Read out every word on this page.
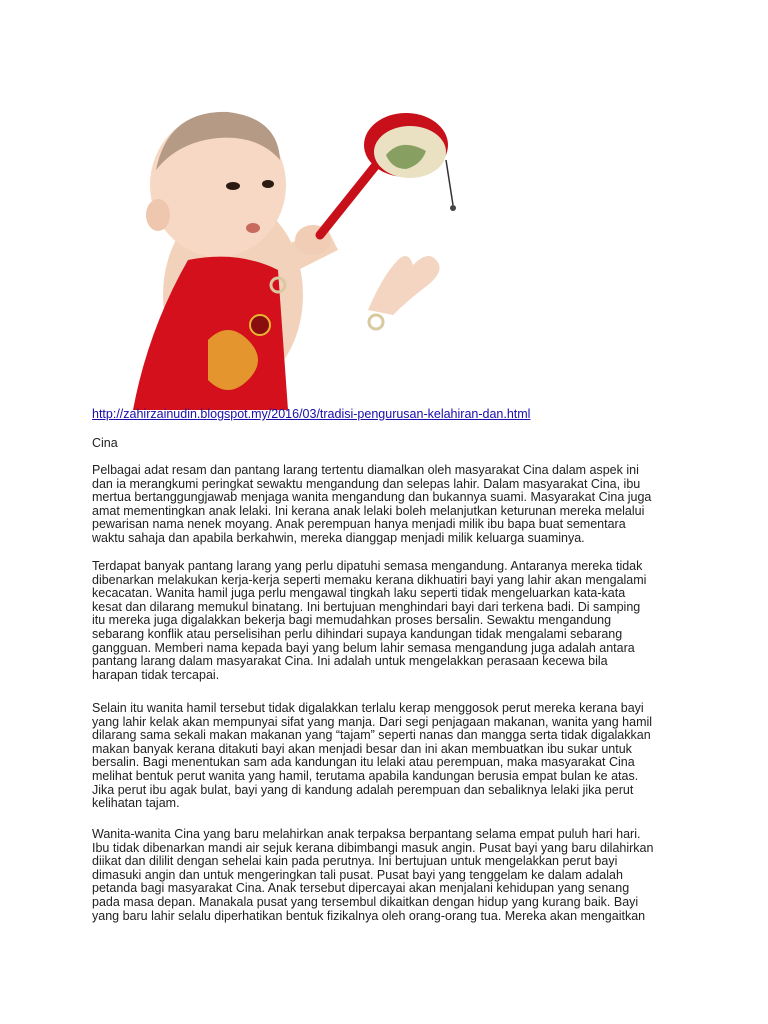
http://zahirzainudin.blogspot.my/2016/03/tradisi-pengurusan-kelahiran-dan.html
Cina
Pelbagai adat resam dan pantang larang tertentu diamalkan oleh masyarakat Cina dalam aspek ini
dan ia merangkumi peringkat sewaktu mengandung dan selepas lahir. Dalam masyarakat Cina, ibu
mertua bertanggungjawab menjaga wanita mengandung dan bukannya suami. Masyarakat Cina juga
amat mementingkan anak lelaki. Ini kerana anak lelaki boleh melanjutkan keturunan mereka melalui
pewarisan nama nenek moyang. Anak perempuan hanya menjadi milik ibu bapa buat sementara
waktu sahaja dan apabila berkahwin, mereka dianggap menjadi milik keluarga suaminya.
Terdapat banyak pantang larang yang perlu dipatuhi semasa mengandung. Antaranya mereka tidak
dibenarkan melakukan kerja-kerja seperti memaku kerana dikhuatiri bayi yang lahir akan mengalami
kecacatan. Wanita hamil juga perlu mengawal tingkah laku seperti tidak mengeluarkan kata-kata
kesat dan dilarang memukul binatang. Ini bertujuan menghindari bayi dari terkena badi. Di samping
itu mereka juga digalakkan bekerja bagi memudahkan proses bersalin. Sewaktu mengandung
sebarang konflik atau perselisihan perlu dihindari supaya kandungan tidak mengalami sebarang
gangguan. Memberi nama kepada bayi yang belum lahir semasa mengandung juga adalah antara
pantang larang dalam masyarakat Cina. Ini adalah untuk mengelakkan perasaan kecewa bila
harapan tidak tercapai.
Selain itu wanita hamil tersebut tidak digalakkan terlalu kerap menggosok perut mereka kerana bayi
yang lahir kelak akan mempunyai sifat yang manja. Dari segi penjagaan makanan, wanita yang hamil
dilarang sama sekali makan makanan yang “tajam” seperti nanas dan mangga serta tidak digalakkan
makan banyak kerana ditakuti bayi akan menjadi besar dan ini akan membuatkan ibu sukar untuk
bersalin. Bagi menentukan sam ada kandungan itu lelaki atau perempuan, maka masyarakat Cina
melihat bentuk perut wanita yang hamil, terutama apabila kandungan berusia empat bulan ke atas.
Jika perut ibu agak bulat, bayi yang di kandung adalah perempuan dan sebaliknya lelaki jika perut
kelihatan tajam.
Wanita-wanita Cina yang baru melahirkan anak terpaksa berpantang selama empat puluh hari hari.
Ibu tidak dibenarkan mandi air sejuk kerana dibimbangi masuk angin. Pusat bayi yang baru dilahirkan
diikat dan dililit dengan sehelai kain pada perutnya. Ini bertujuan untuk mengelakkan perut bayi
dimasuki angin dan untuk mengeringkan tali pusat. Pusat bayi yang tenggelam ke dalam adalah
petanda bagi masyarakat Cina. Anak tersebut dipercayai akan menjalani kehidupan yang senang
pada masa depan. Manakala pusat yang tersembul dikaitkan dengan hidup yang kurang baik. Bayi
yang baru lahir selalu diperhatikan bentuk fizikalnya oleh orang-orang tua. Mereka akan mengaitkan
